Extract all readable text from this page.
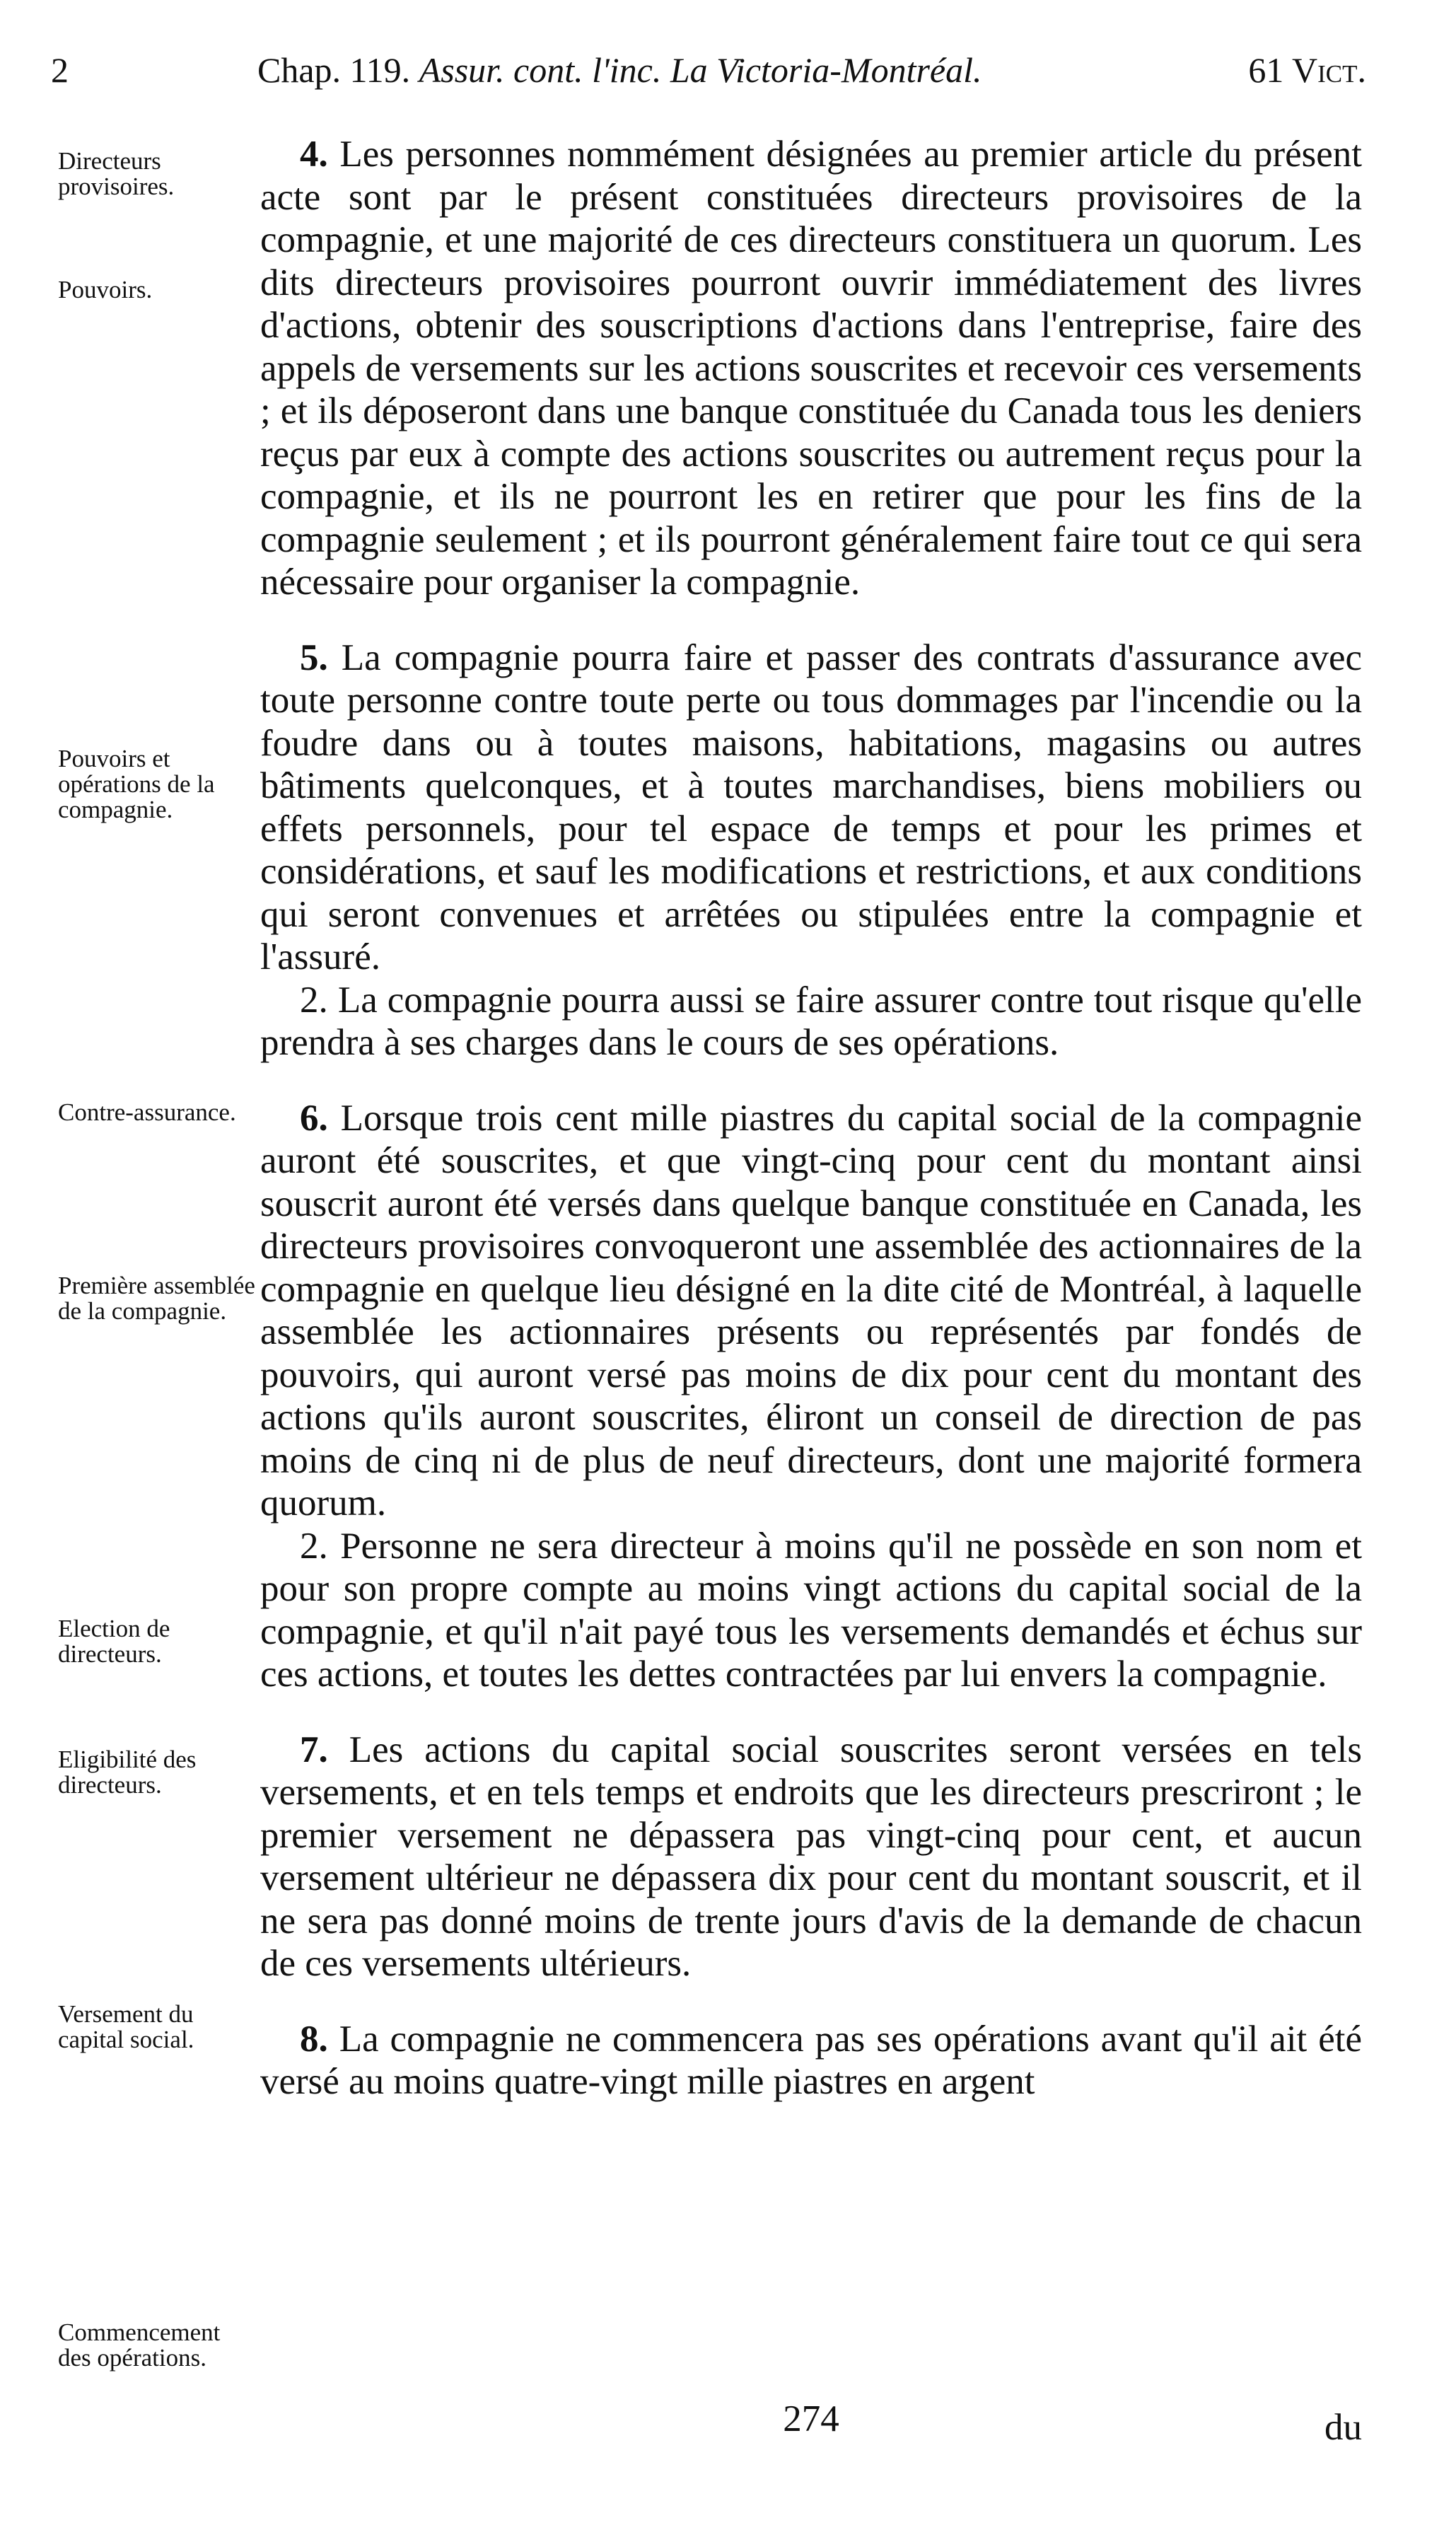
2	Chap. 119. Assur. cont. l'inc. La Victoria-Montréal.	61 Vict.
Directeurs provisoires.
Pouvoirs.
Pouvoirs et opérations de la compagnie.
Contre-assurance.
Première assemblée de la compagnie.
Election de directeurs.
Eligibilité des directeurs.
Versement du capital social.
Commencement des opérations.

4. Les personnes nommément désignées au premier article du présent acte sont par le présent constituées directeurs provisoires de la compagnie, et une majorité de ces directeurs constituera un quorum. Les dits directeurs provisoires pourront ouvrir immédiatement des livres d'actions, obtenir des souscriptions d'actions dans l'entreprise, faire des appels de versements sur les actions souscrites et recevoir ces versements ; et ils déposeront dans une banque constituée du Canada tous les deniers reçus par eux à compte des actions souscrites ou autrement reçus pour la compagnie, et ils ne pourront les en retirer que pour les fins de la compagnie seulement ; et ils pourront généralement faire tout ce qui sera nécessaire pour organiser la compagnie.

5. La compagnie pourra faire et passer des contrats d'assurance avec toute personne contre toute perte ou tous dommages par l'incendie ou la foudre dans ou à toutes maisons, habitations, magasins ou autres bâtiments quelconques, et à toutes marchandises, biens mobiliers ou effets personnels, pour tel espace de temps et pour les primes et considérations, et sauf les modifications et restrictions, et aux conditions qui seront convenues et arrêtées ou stipulées entre la compagnie et l'assuré.

2. La compagnie pourra aussi se faire assurer contre tout risque qu'elle prendra à ses charges dans le cours de ses opérations.

6. Lorsque trois cent mille piastres du capital social de la compagnie auront été souscrites, et que vingt-cinq pour cent du montant ainsi souscrit auront été versés dans quelque banque constituée en Canada, les directeurs provisoires convoqueront une assemblée des actionnaires de la compagnie en quelque lieu désigné en la dite cité de Montréal, à laquelle assemblée les actionnaires présents ou représentés par fondés de pouvoirs, qui auront versé pas moins de dix pour cent du montant des actions qu'ils auront souscrites, éliront un conseil de direction de pas moins de cinq ni de plus de neuf directeurs, dont une majorité formera quorum.

2. Personne ne sera directeur à moins qu'il ne possède en son nom et pour son propre compte au moins vingt actions du capital social de la compagnie, et qu'il n'ait payé tous les versements demandés et échus sur ces actions, et toutes les dettes contractées par lui envers la compagnie.

7. Les actions du capital social souscrites seront versées en tels versements, et en tels temps et endroits que les directeurs prescriront ; le premier versement ne dépassera pas vingt-cinq pour cent, et aucun versement ultérieur ne dépassera dix pour cent du montant souscrit, et il ne sera pas donné moins de trente jours d'avis de la demande de chacun de ces versements ultérieurs.

8. La compagnie ne commencera pas ses opérations avant qu'il ait été versé au moins quatre-vingt mille piastres en argent

274	du
